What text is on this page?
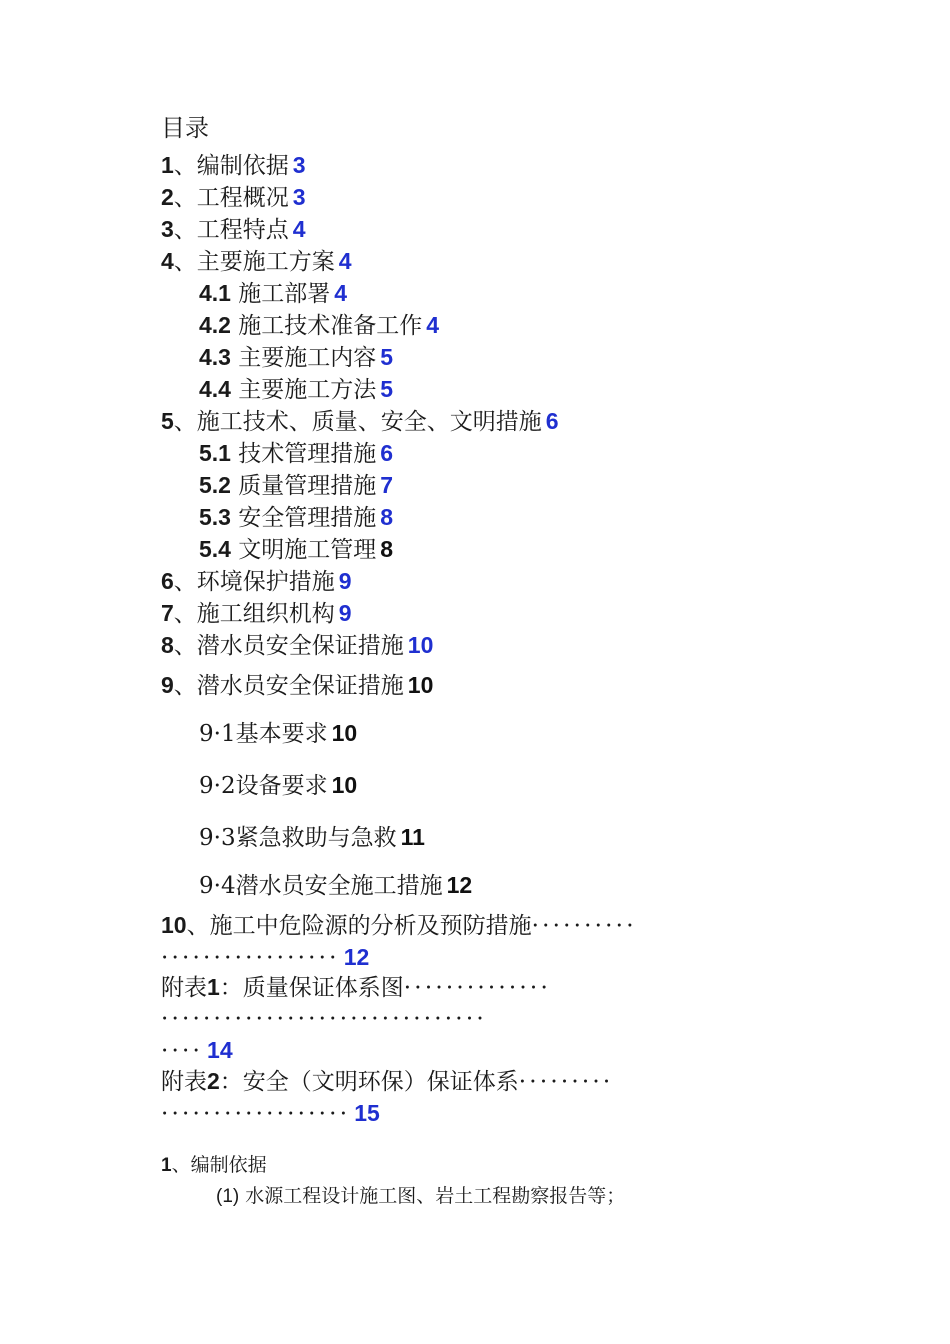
目录
1、编制依据 3
2、工程概况 3
3、工程特点 4
4、主要施工方案 4
4.1 施工部署 4
4.2 施工技术准备工作 4
4.3 主要施工内容 5
4.4 主要施工方法 5
5、施工技术、质量、安全、文明措施 6
5.1 技术管理措施 6
5.2 质量管理措施 7
5.3 安全管理措施 8
5.4 文明施工管理 8
6、环境保护措施 9
7、施工组织机构 9
8、潜水员安全保证措施 10
9、潜水员安全保证措施 10
9·1基本要求 10
9·2设备要求 10
9·3紧急救助与急救 11
9·4潜水员安全施工措施 12
10、施工中危险源的分析及预防措施··········
················· 12
附表1：质量保证体系图··············
·······························
···· 14
附表2：安全（文明环保）保证体系·········
·················· 15
1、编制依据
(1) 水源工程设计施工图、岩土工程勘察报告等；
